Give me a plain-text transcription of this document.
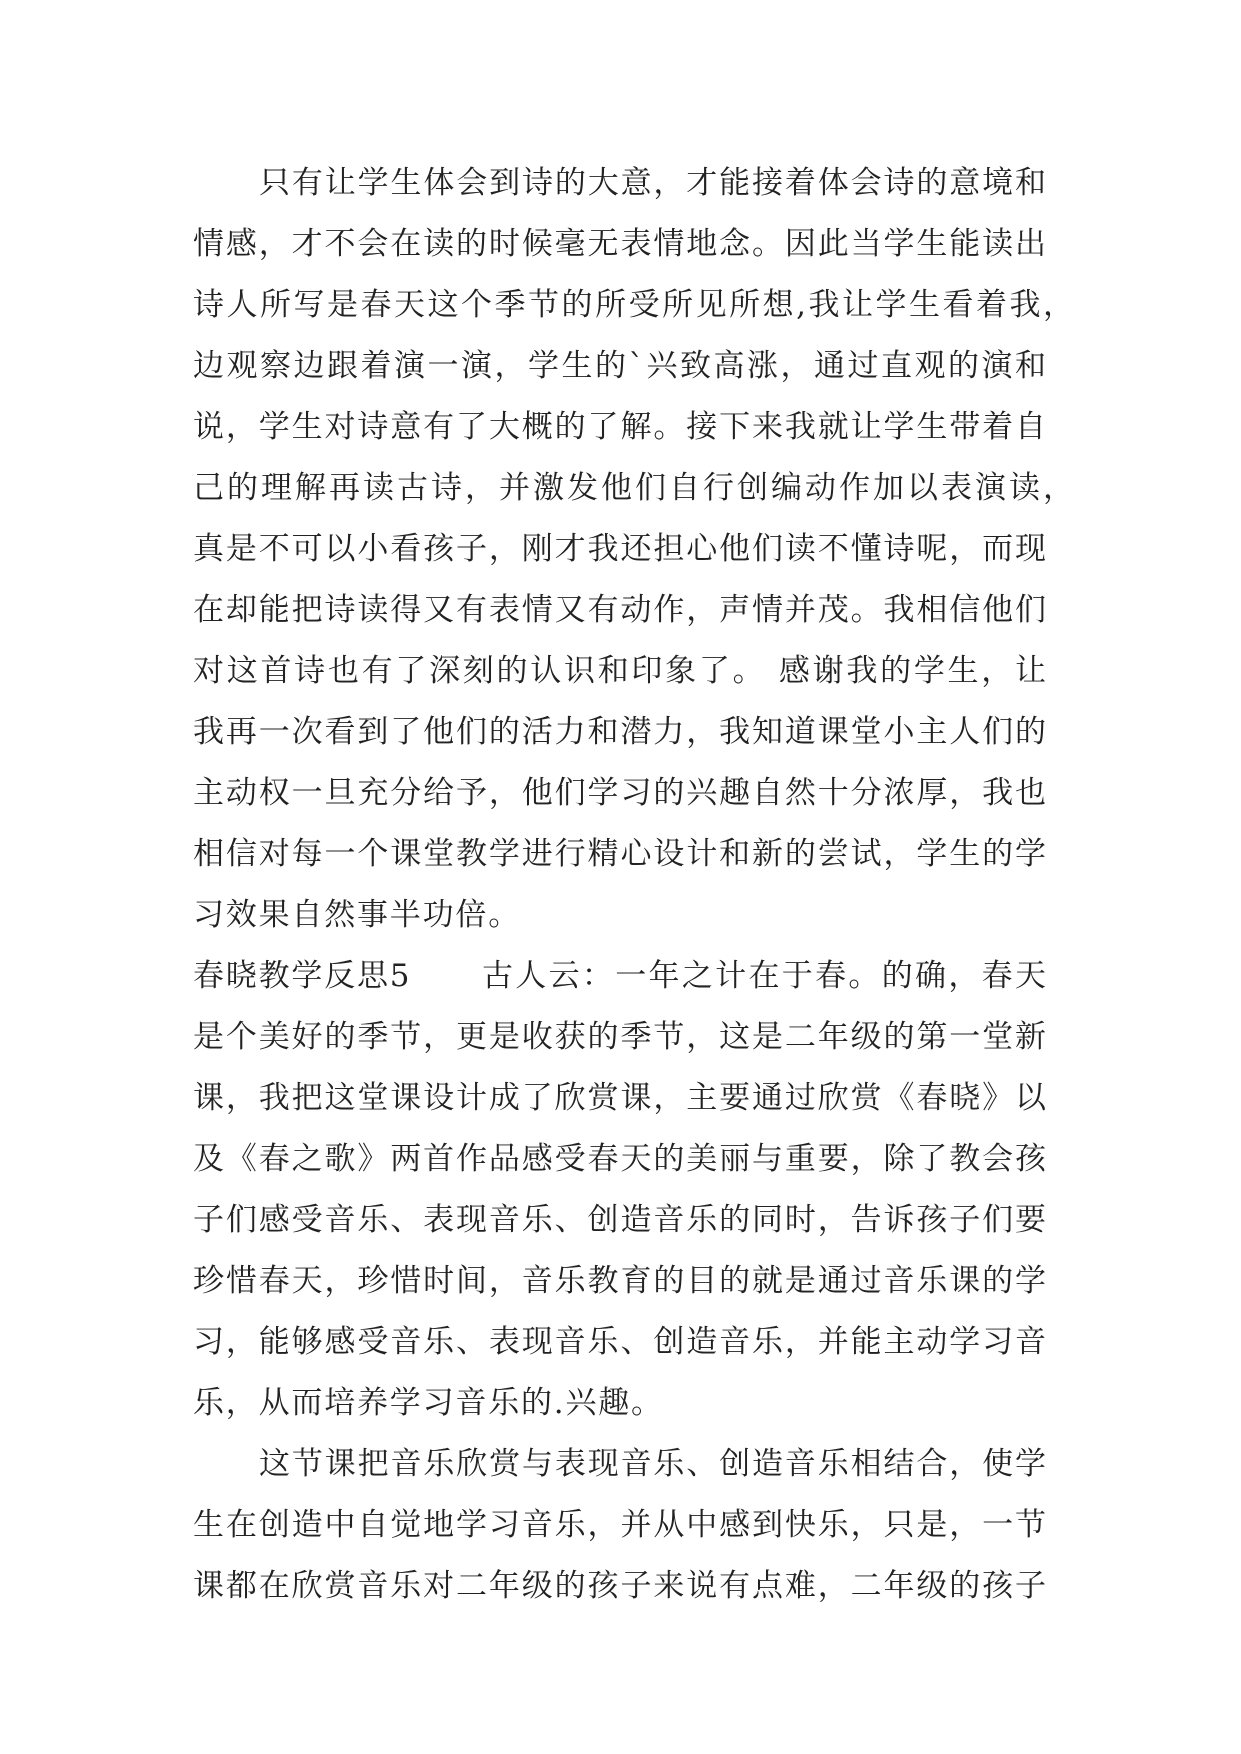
只有让学生体会到诗的大意，才能接着体会诗的意境和
情感，才不会在读的时候毫无表情地念。因此当学生能读出
诗人所写是春天这个季节的所受所见所想,我让学生看着我，
边观察边跟着演一演，学生的`兴致高涨，通过直观的演和
说，学生对诗意有了大概的了解。接下来我就让学生带着自
己的理解再读古诗，并激发他们自行创编动作加以表演读，
真是不可以小看孩子，刚才我还担心他们读不懂诗呢，而现
在却能把诗读得又有表情又有动作，声情并茂。我相信他们
对这首诗也有了深刻的认识和印象了。 感谢我的学生，让
我再一次看到了他们的活力和潜力，我知道课堂小主人们的
主动权一旦充分给予，他们学习的兴趣自然十分浓厚，我也
相信对每一个课堂教学进行精心设计和新的尝试，学生的学
习效果自然事半功倍。
春晓教学反思5 古人云：一年之计在于春。的确，春天
是个美好的季节，更是收获的季节，这是二年级的第一堂新
课，我把这堂课设计成了欣赏课，主要通过欣赏《春晓》以
及《春之歌》两首作品感受春天的美丽与重要，除了教会孩
子们感受音乐、表现音乐、创造音乐的同时，告诉孩子们要
珍惜春天，珍惜时间，音乐教育的目的就是通过音乐课的学
习，能够感受音乐、表现音乐、创造音乐，并能主动学习音
乐，从而培养学习音乐的.兴趣。
这节课把音乐欣赏与表现音乐、创造音乐相结合，使学
生在创造中自觉地学习音乐，并从中感到快乐，只是，一节
课都在欣赏音乐对二年级的孩子来说有点难，二年级的孩子
